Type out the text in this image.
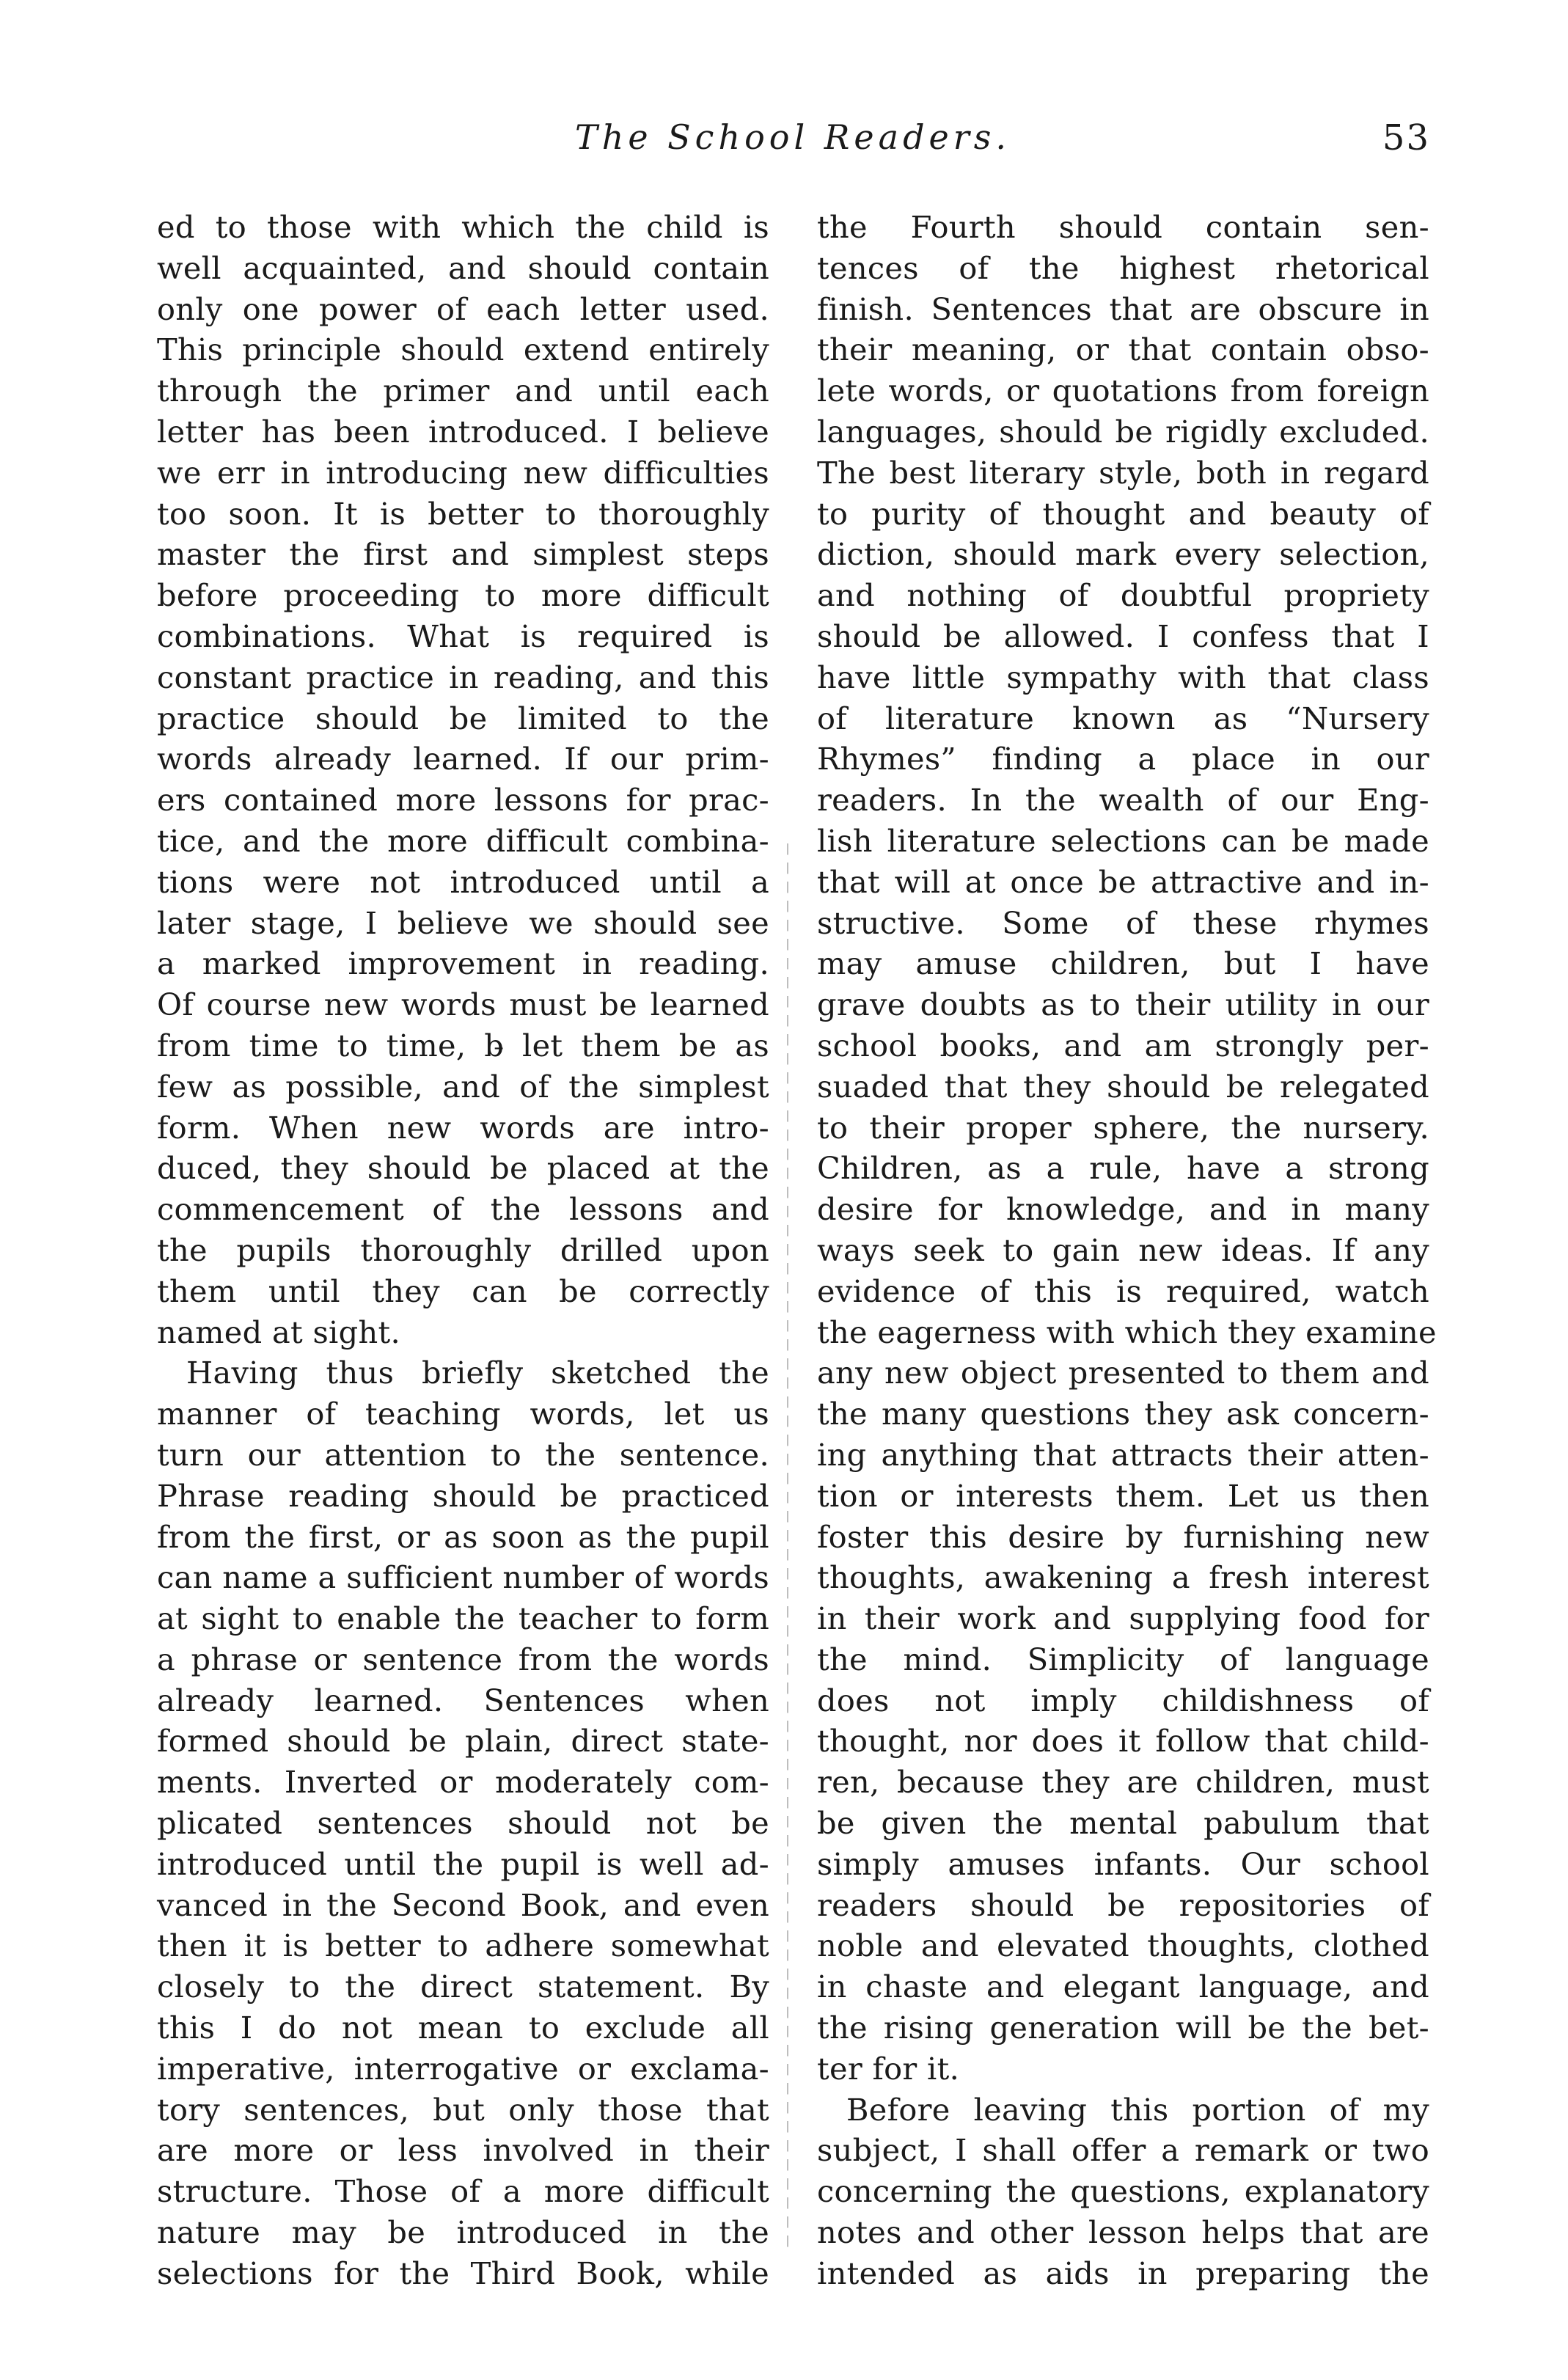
The School Readers.	53
ed to those with which the child is
well acquainted, and should contain
only one power of each letter used.
This principle should extend entirely
through the primer and until each
letter has been introduced. I believe
we err in introducing new difficulties
too soon. It is better to thoroughly
master the first and simplest steps
before proceeding to more difficult
combinations. What is required is
constant practice in reading, and this
practice should be limited to the
words already learned. If our prim-
ers contained more lessons for prac-
tice, and the more difficult combina-
tions were not introduced until a
later stage, I believe we should see
a marked improvement in reading.
Of course new words must be learned
from time to time, b̵ let them be as
few as possible, and of the simplest
form. When new words are intro-
duced, they should be placed at the
commencement of the lessons and
the pupils thoroughly drilled upon
them until they can be correctly
named at sight.
Having thus briefly sketched the
manner of teaching words, let us
turn our attention to the sentence.
Phrase reading should be practiced
from the first, or as soon as the pupil
can name a sufficient number of words
at sight to enable the teacher to form
a phrase or sentence from the words
already learned. Sentences when
formed should be plain, direct state-
ments. Inverted or moderately com-
plicated sentences should not be
introduced until the pupil is well ad-
vanced in the Second Book, and even
then it is better to adhere somewhat
closely to the direct statement. By
this I do not mean to exclude all
imperative, interrogative or exclama-
tory sentences, but only those that
are more or less involved in their
structure. Those of a more difficult
nature may be introduced in the
selections for the Third Book, while
the Fourth should contain sen-
tences of the highest rhetorical
finish. Sentences that are obscure in
their meaning, or that contain obso-
lete words, or quotations from foreign
languages, should be rigidly excluded.
The best literary style, both in regard
to purity of thought and beauty of
diction, should mark every selection,
and nothing of doubtful propriety
should be allowed. I confess that I
have little sympathy with that class
of literature known as “Nursery
Rhymes” finding a place in our
readers. In the wealth of our Eng-
lish literature selections can be made
that will at once be attractive and in-
structive. Some of these rhymes
may amuse children, but I have
grave doubts as to their utility in our
school books, and am strongly per-
suaded that they should be relegated
to their proper sphere, the nursery.
Children, as a rule, have a strong
desire for knowledge, and in many
ways seek to gain new ideas. If any
evidence of this is required, watch
the eagerness with which they examine
any new object presented to them and
the many questions they ask concern-
ing anything that attracts their atten-
tion or interests them. Let us then
foster this desire by furnishing new
thoughts, awakening a fresh interest
in their work and supplying food for
the mind. Simplicity of language
does not imply childishness of
thought, nor does it follow that child-
ren, because they are children, must
be given the mental pabulum that
simply amuses infants. Our school
readers should be repositories of
noble and elevated thoughts, clothed
in chaste and elegant language, and
the rising generation will be the bet-
ter for it.
Before leaving this portion of my
subject, I shall offer a remark or two
concerning the questions, explanatory
notes and other lesson helps that are
intended as aids in preparing the
